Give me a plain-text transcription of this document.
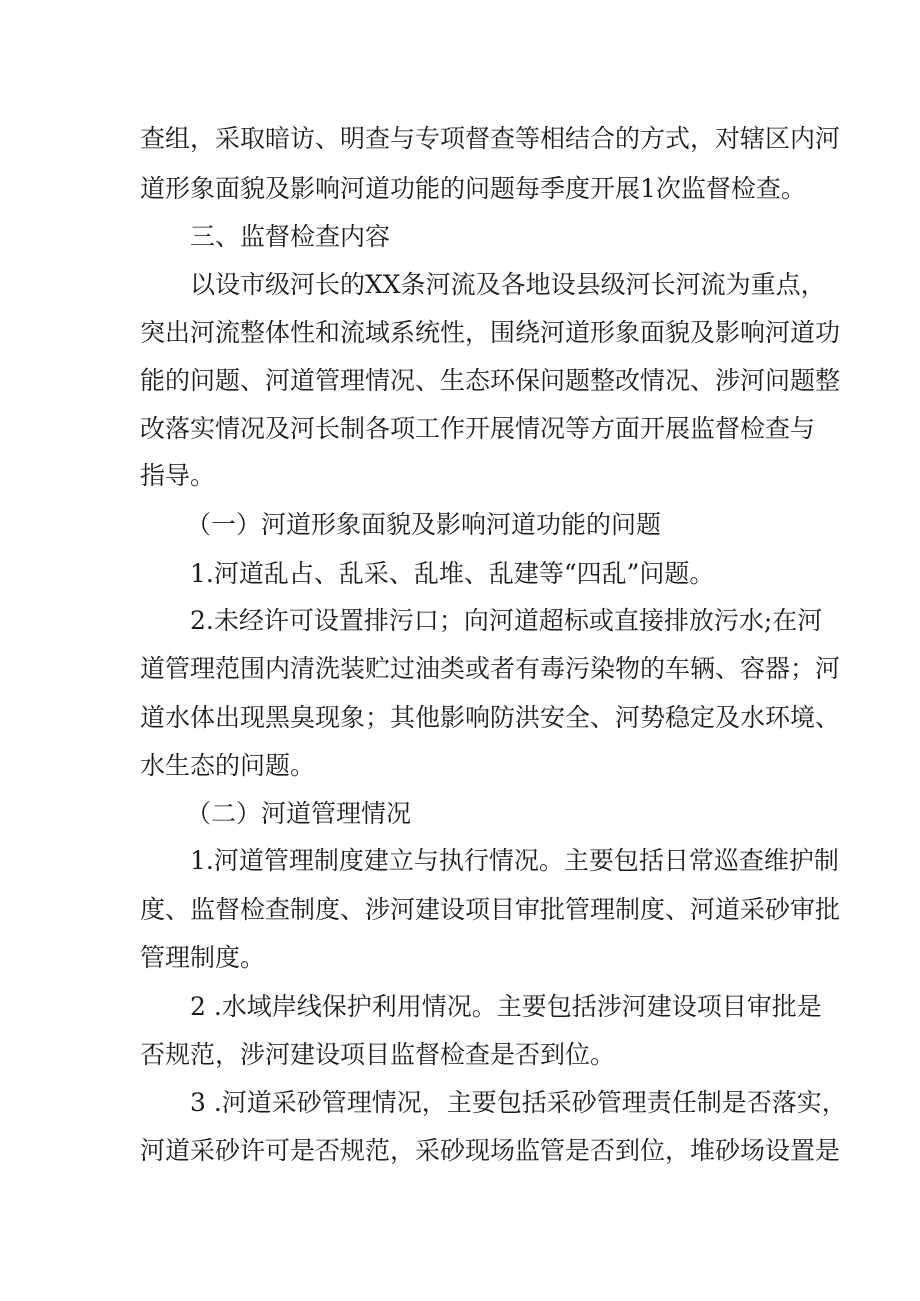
查组，采取暗访、明查与专项督查等相结合的方式，对辖区内河
道形象面貌及影响河道功能的问题每季度开展1次监督检查。
三、监督检查内容
以设市级河长的XX条河流及各地设县级河长河流为重点，
突出河流整体性和流域系统性，围绕河道形象面貌及影响河道功
能的问题、河道管理情况、生态环保问题整改情况、涉河问题整
改落实情况及河长制各项工作开展情况等方面开展监督检查与
指导。
（一）河道形象面貌及影响河道功能的问题
1.河道乱占、乱采、乱堆、乱建等“四乱”问题。
2.未经许可设置排污口；向河道超标或直接排放污水;在河
道管理范围内清洗装贮过油类或者有毒污染物的车辆、容器；河
道水体出现黑臭现象；其他影响防洪安全、河势稳定及水环境、
水生态的问题。
（二）河道管理情况
1.河道管理制度建立与执行情况。主要包括日常巡查维护制
度、监督检查制度、涉河建设项目审批管理制度、河道采砂审批
管理制度。
2 .水域岸线保护利用情况。主要包括涉河建设项目审批是
否规范，涉河建设项目监督检查是否到位。
3 .河道采砂管理情况，主要包括采砂管理责任制是否落实，
河道采砂许可是否规范，采砂现场监管是否到位，堆砂场设置是
